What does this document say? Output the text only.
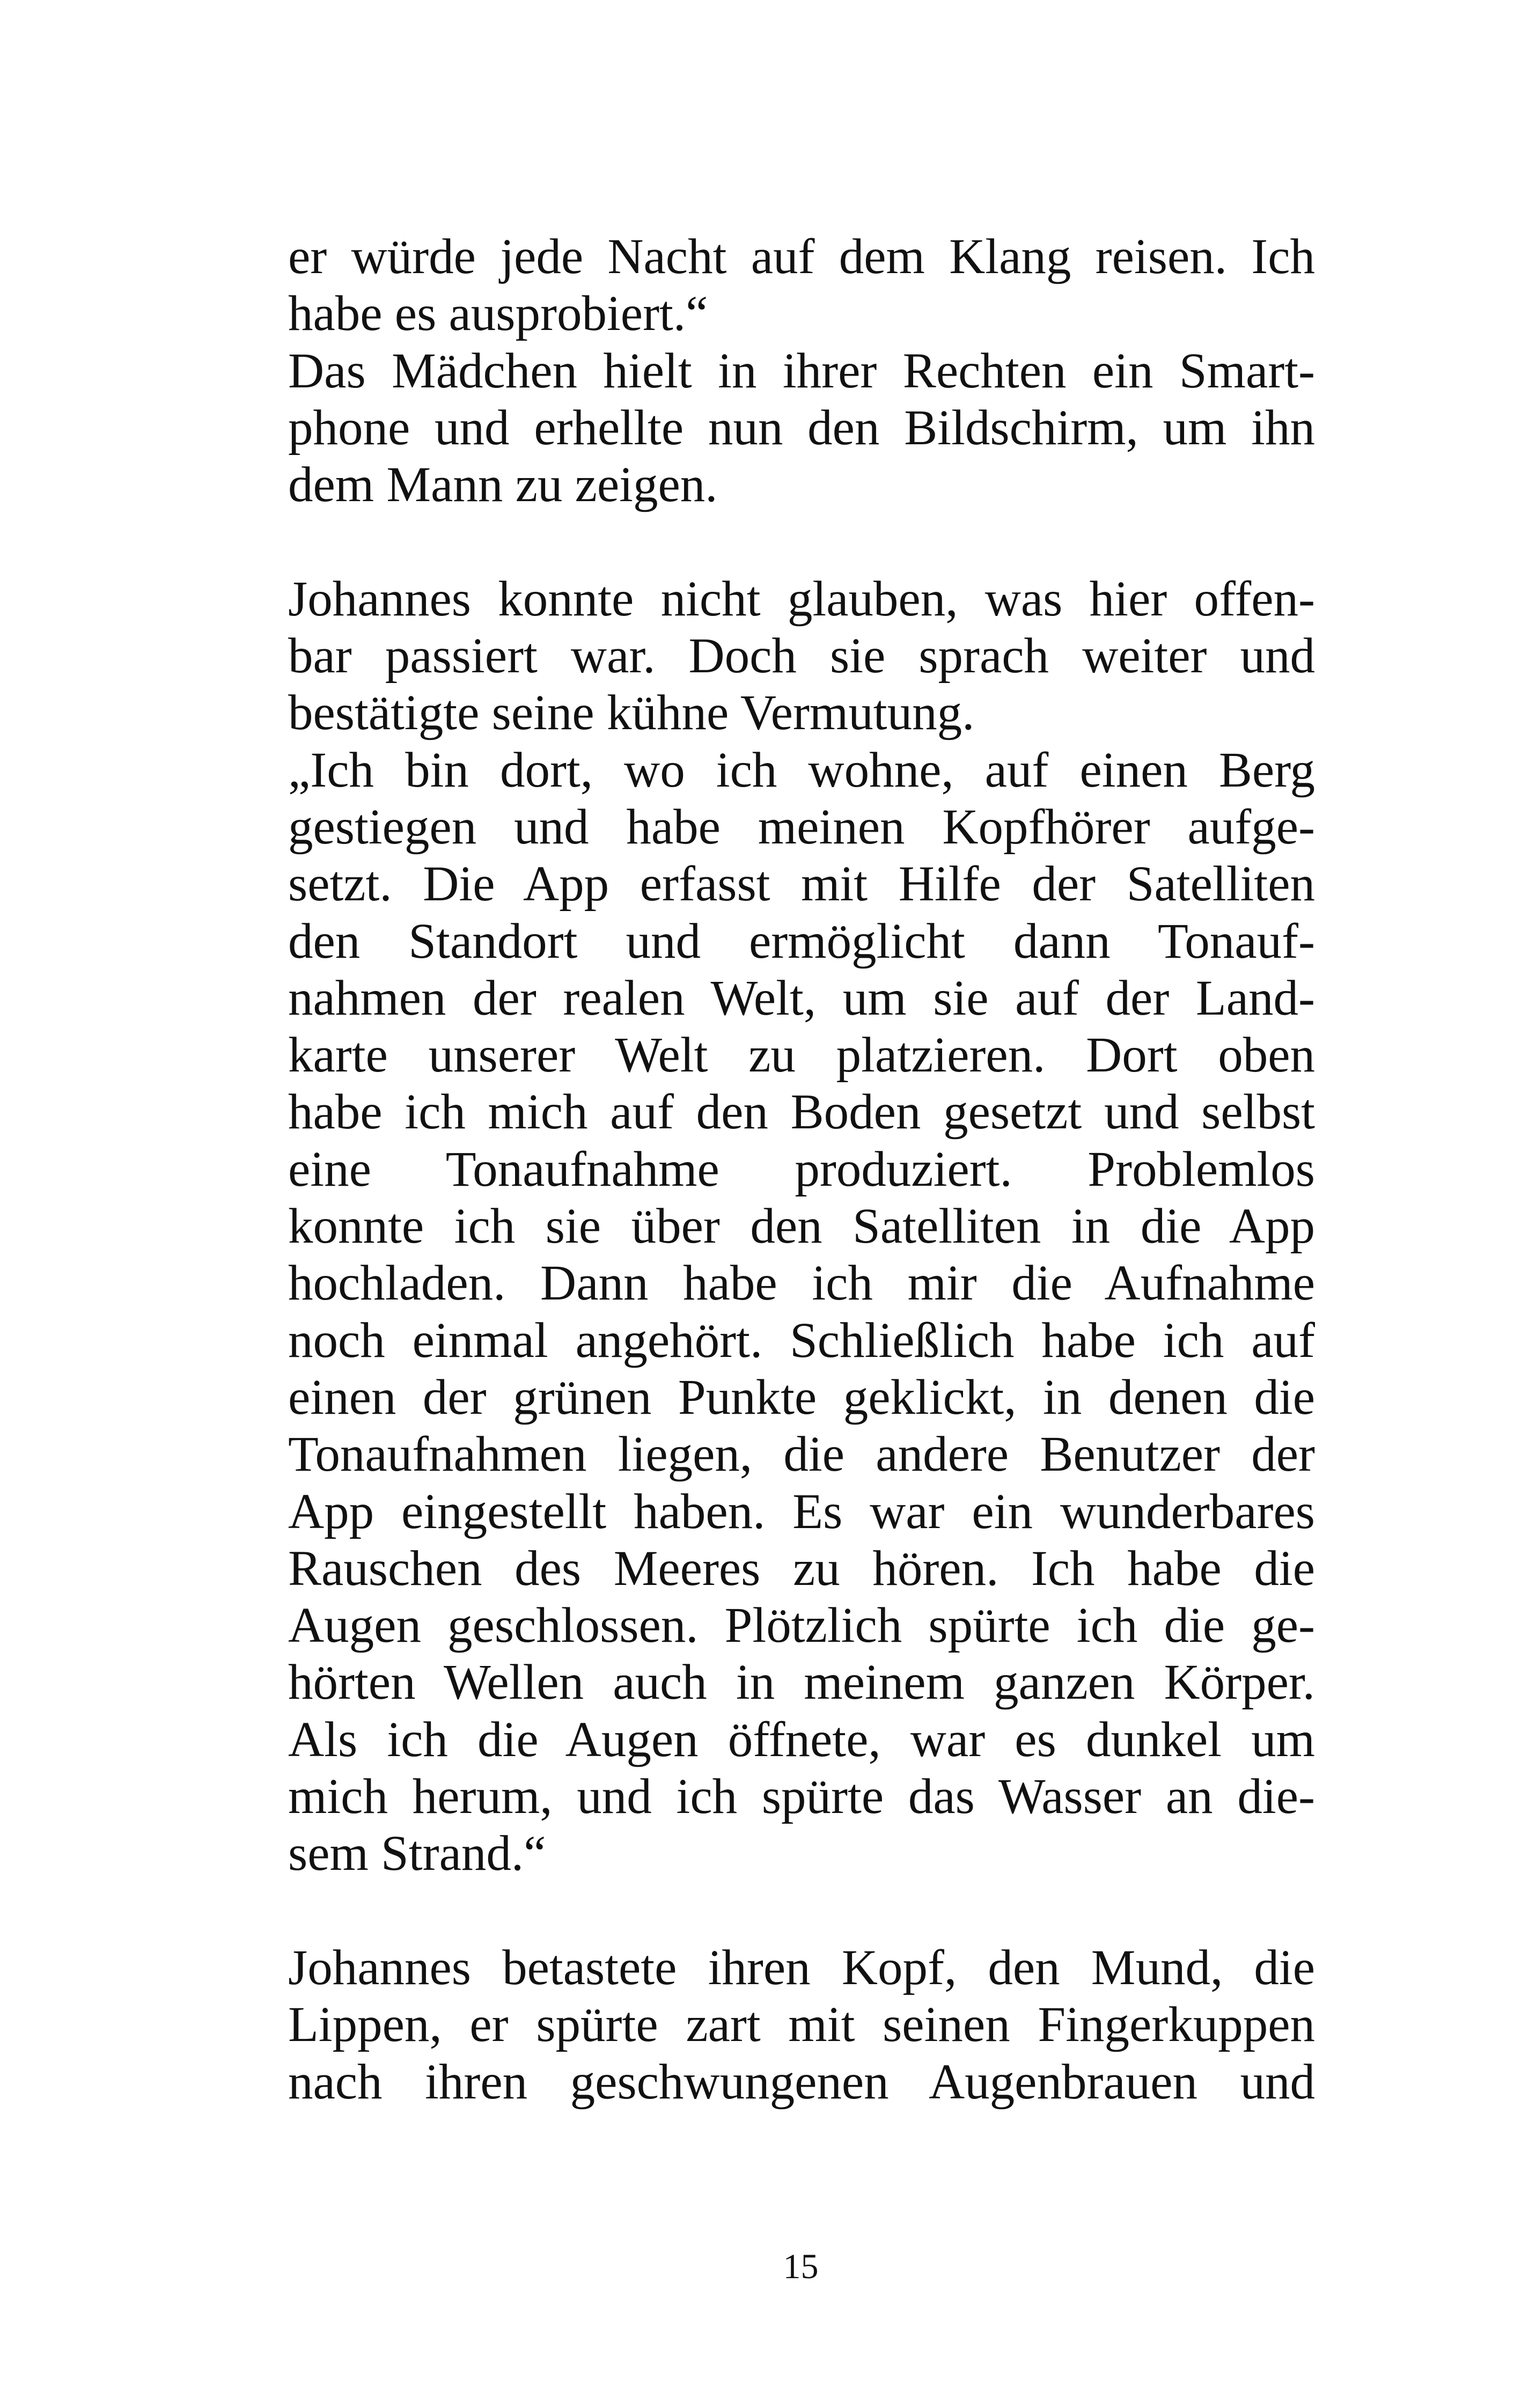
er würde jede Nacht auf dem Klang reisen. Ich
habe es ausprobiert.“
Das Mädchen hielt in ihrer Rechten ein Smart-
phone und erhellte nun den Bildschirm, um ihn
dem Mann zu zeigen.
Johannes konnte nicht glauben, was hier offen-
bar passiert war. Doch sie sprach weiter und
bestätigte seine kühne Vermutung.
„Ich bin dort, wo ich wohne, auf einen Berg
gestiegen und habe meinen Kopfhörer aufge-
setzt. Die App erfasst mit Hilfe der Satelliten
den Standort und ermöglicht dann Tonauf-
nahmen der realen Welt, um sie auf der Land-
karte unserer Welt zu platzieren. Dort oben
habe ich mich auf den Boden gesetzt und selbst
eine Tonaufnahme produziert. Problemlos
konnte ich sie über den Satelliten in die App
hochladen. Dann habe ich mir die Aufnahme
noch einmal angehört. Schließlich habe ich auf
einen der grünen Punkte geklickt, in denen die
Tonaufnahmen liegen, die andere Benutzer der
App eingestellt haben. Es war ein wunderbares
Rauschen des Meeres zu hören. Ich habe die
Augen geschlossen. Plötzlich spürte ich die ge-
hörten Wellen auch in meinem ganzen Körper.
Als ich die Augen öffnete, war es dunkel um
mich herum, und ich spürte das Wasser an die-
sem Strand.“
Johannes betastete ihren Kopf, den Mund, die
Lippen, er spürte zart mit seinen Fingerkuppen
nach ihren geschwungenen Augenbrauen und
15
